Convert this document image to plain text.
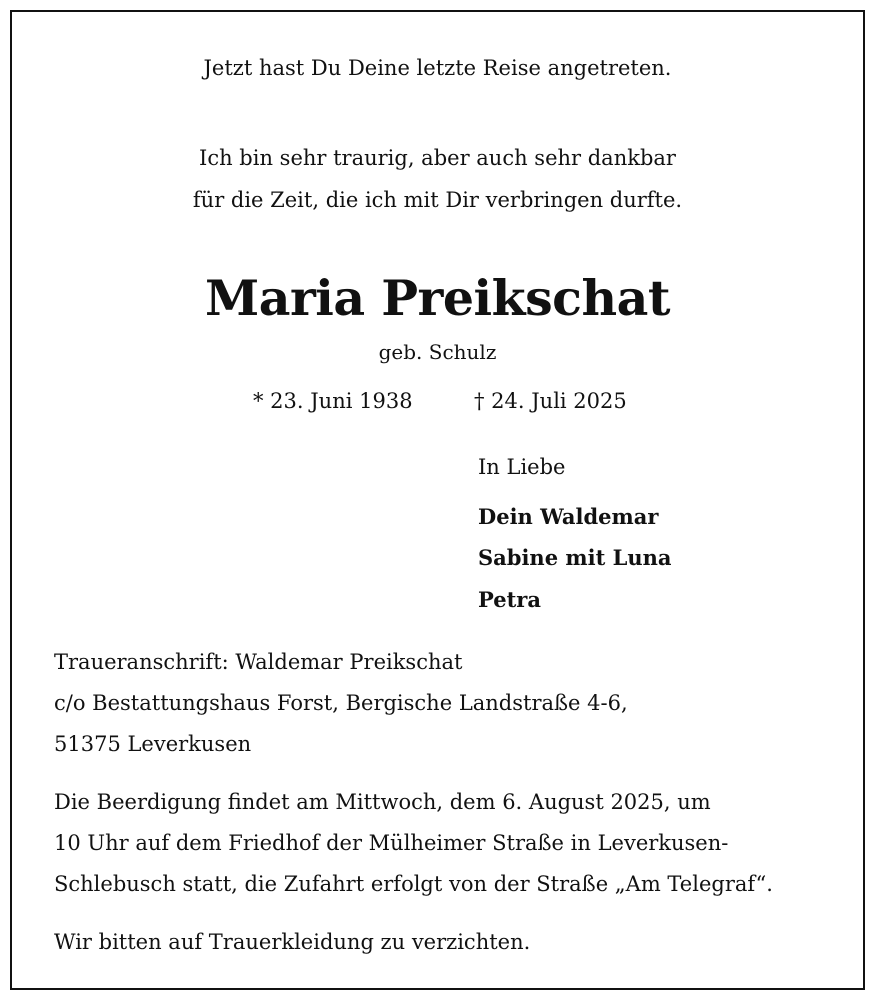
Jetzt hast Du Deine letzte Reise angetreten.
Ich bin sehr traurig, aber auch sehr dankbar
für die Zeit, die ich mit Dir verbringen durfte.
Maria Preikschat
geb. Schulz
* 23. Juni 1938	† 24. Juli 2025
In Liebe
Dein Waldemar
Sabine mit Luna
Petra
Traueranschrift: Waldemar Preikschat
c/o Bestattungshaus Forst, Bergische Landstraße 4-6,
51375 Leverkusen
Die Beerdigung findet am Mittwoch, dem 6. August 2025, um
10 Uhr auf dem Friedhof der Mülheimer Straße in Leverkusen-
Schlebusch statt, die Zufahrt erfolgt von der Straße „Am Telegraf“.
Wir bitten auf Trauerkleidung zu verzichten.
